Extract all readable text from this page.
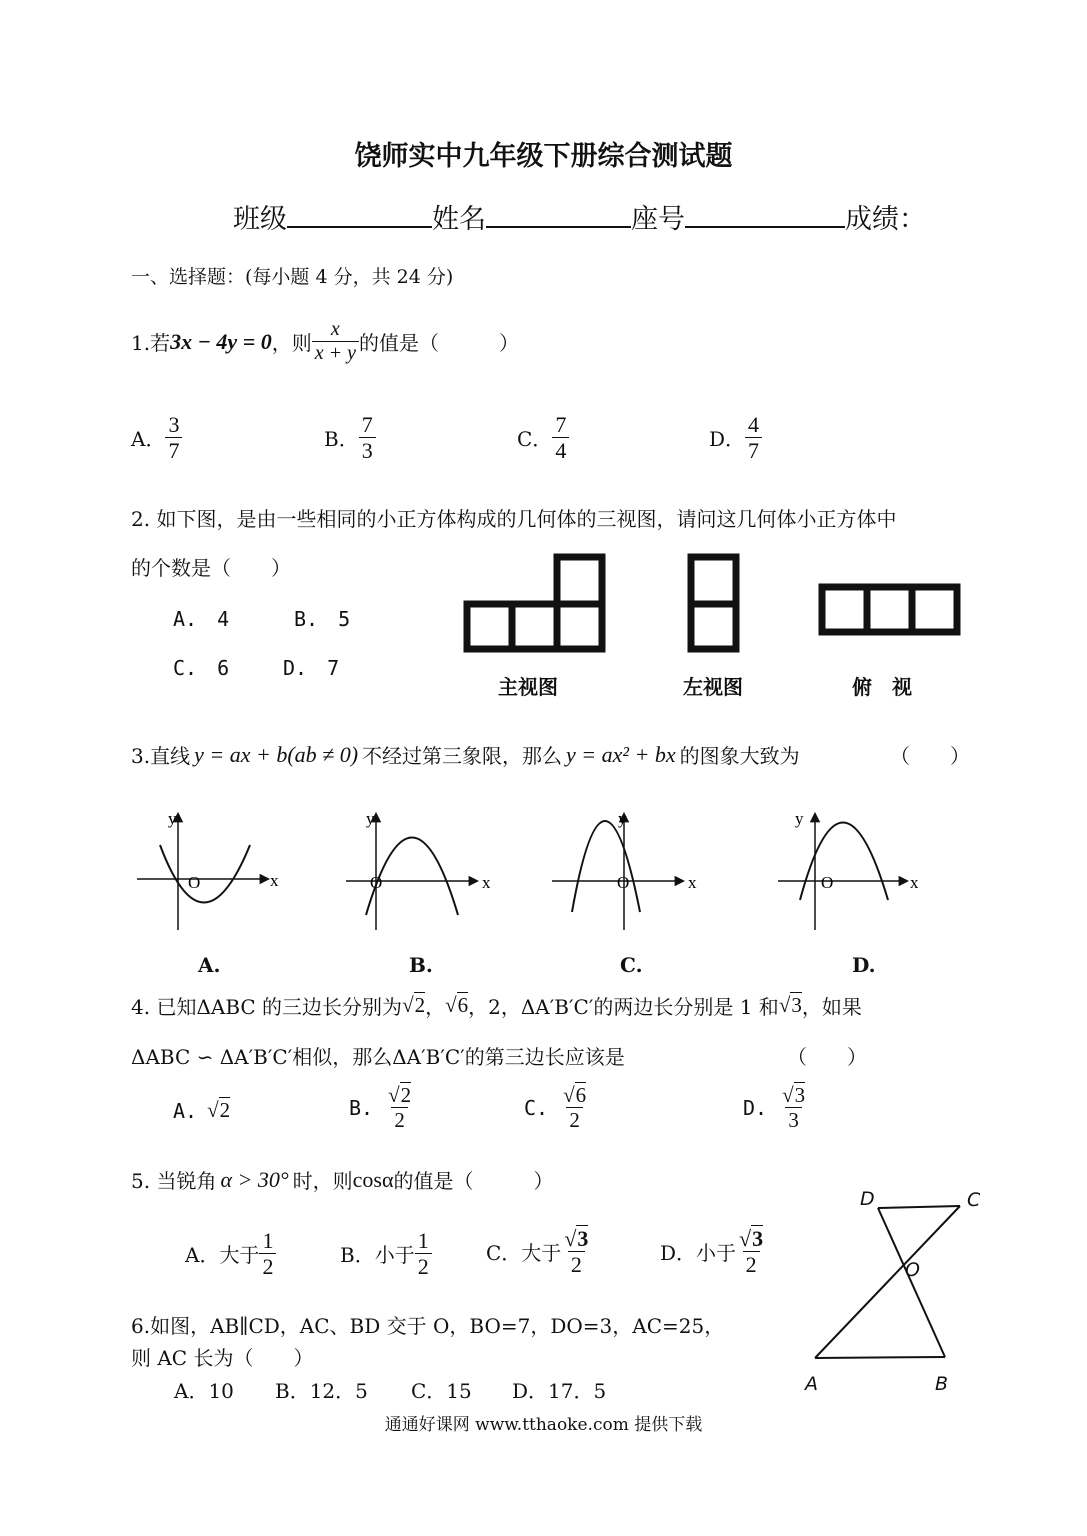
饶师实中九年级下册综合测试题
班级	姓名	座号	成绩：
一、选择题：(每小题 4 分，共 24 分)
1.若 3x − 4y = 0 ，则 $\frac{x}{x + y}$ 的值是（　　　）
A． $\frac{3}{7}$	B． $\frac{7}{3}$	C． $\frac{7}{4}$	D． $\frac{4}{7}$
2. 如下图，是由一些相同的小正方体构成的几何体的三视图，请问这几何体小正方体中
的个数是（　　）
A.　4	B.　5
C.　6	D.　7
主视图	左视图	俯　视
3.直线 y = ax + b(ab ≠ 0) 不经过第三象限，那么 y = ax² + bx 的图象大致为	（　　）
x
y
O	x
y
O	x
y
O	x
y
O
A.	B.	C.	D.
4. 已知ΔABC 的三边长分别为 √2 ， √6 ，2，ΔA′B′C′的两边长分别是 1 和 √3 ，如果
ΔABC ∽ ΔA′B′C′相似，那么ΔA′B′C′的第三边长应该是	（　　）
A. √2	B. $\frac{√2}{2}$	C. $\frac{√6}{2}$	D. $\frac{√3}{3}$
5. 当锐角 α > 30° 时，则 cosα 的值是（　　　）
A．大于 $\frac{1}{2}$	B．小于 $\frac{1}{2}$	C．大于 $\frac{√3}{2}$	D．小于 $\frac{√3}{2}$
6.如图，AB∥CD，AC、BD 交于 O，BO=7，DO=3，AC=25，
则 AC 长为（　　）
A．10 B．12．5 C．15 D．17．5
D	C
O
A	B
通通好课网 www.tthaoke.com 提供下载
